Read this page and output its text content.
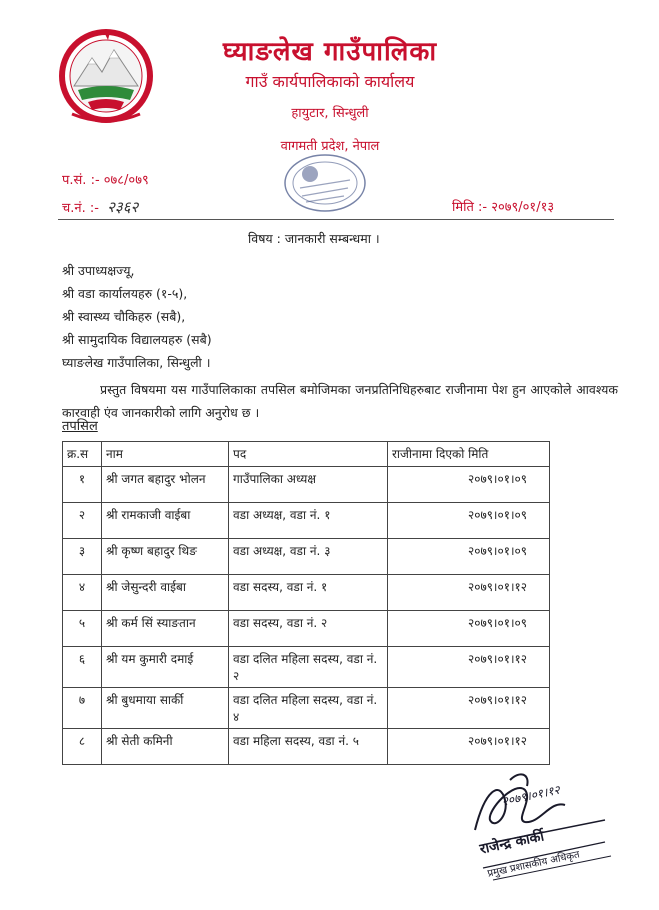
घ्याङलेख गाउँपालिका
गाउँ कार्यपालिकाको कार्यालय
हायुटार, सिन्धुली
वागमती प्रदेश, नेपाल
प.सं. :- ०७८/०७९
च.नं. :- २३६२	मिति :- २०७९/०१/१३
विषय : जानकारी सम्बन्धमा ।
श्री उपाध्यक्षज्यू,
श्री वडा कार्यालयहरु (१-५),
श्री स्वास्थ्य चौकिहरु (सबै),
श्री सामुदायिक विद्यालयहरु (सबै)
घ्याङलेख गाउँपालिका, सिन्धुली ।
प्रस्तुत विषयमा यस गाउँपालिकाका तपसिल बमोजिमका जनप्रतिनिधिहरुबाट राजीनामा पेश हुन आएकोले आवश्यक कारवाही एंव जानकारीको लागि अनुरोध छ ।
तपसिल
क्र.स	नाम	पद	राजीनामा दिएको मिति
१	श्री जगत बहादुर भोलन	गाउँपालिका अध्यक्ष	२०७९।०१।०९
२	श्री रामकाजी वाईबा	वडा अध्यक्ष, वडा नं. १	२०७९।०१।०९
३	श्री कृष्ण बहादुर थिङ	वडा अध्यक्ष, वडा नं. ३	२०७९।०१।०९
४	श्री जेसुन्दरी वाईबा	वडा सदस्य, वडा नं. १	२०७९।०१।१२
५	श्री कर्म सिं स्याङतान	वडा सदस्य, वडा नं. २	२०७९।०१।०९
६	श्री यम कुमारी दमाई	वडा दलित महिला सदस्य, वडा नं. २	२०७९।०१।१२
७	श्री बुधमाया सार्की	वडा दलित महिला सदस्य, वडा नं. ४	२०७९।०१।१२
८	श्री सेती कमिनी	वडा महिला सदस्य, वडा नं. ५	२०७९।०१।१२
२०७९।०१।१२
राजेन्द्र कार्की
प्रमुख प्रशासकीय अधिकृत
